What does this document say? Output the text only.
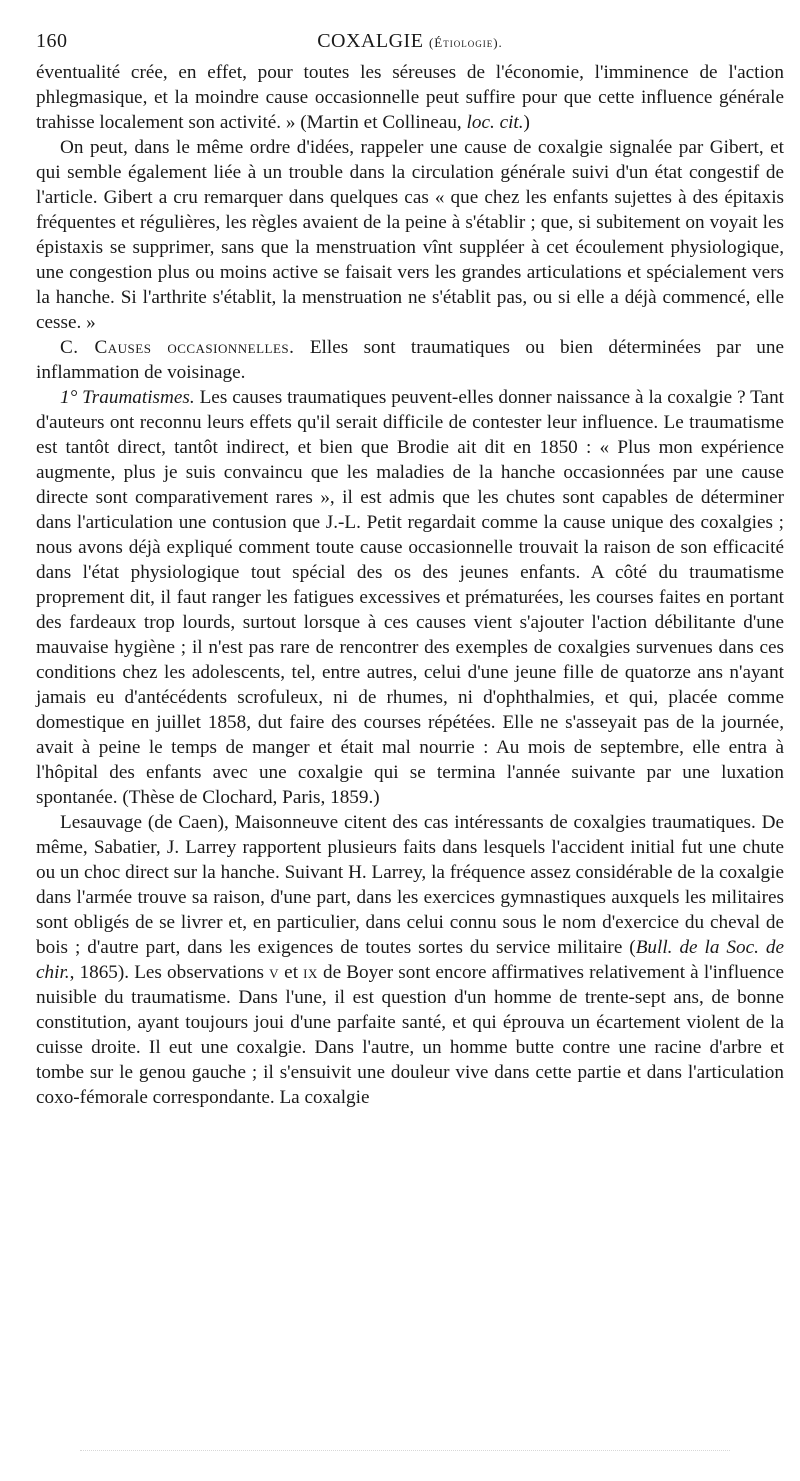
160	COXALGIE (Étiologie).

éventualité crée, en effet, pour toutes les séreuses de l'économie, l'imminence de l'action phlegmasique, et la moindre cause occasionnelle peut suffire pour que cette influence générale trahisse localement son activité. » (Martin et Collineau, loc. cit.)

On peut, dans le même ordre d'idées, rappeler une cause de coxalgie signalée par Gibert, et qui semble également liée à un trouble dans la circulation générale suivi d'un état congestif de l'article. Gibert a cru remarquer dans quelques cas « que chez les enfants sujettes à des épitaxis fréquentes et régulières, les règles avaient de la peine à s'établir ; que, si subitement on voyait les épistaxis se supprimer, sans que la menstruation vînt suppléer à cet écoulement physiologique, une congestion plus ou moins active se faisait vers les grandes articulations et spécialement vers la hanche. Si l'arthrite s'établit, la menstruation ne s'établit pas, ou si elle a déjà commencé, elle cesse. »

C. Causes occasionnelles. Elles sont traumatiques ou bien déterminées par une inflammation de voisinage.

1° Traumatismes. Les causes traumatiques peuvent-elles donner naissance à la coxalgie ? Tant d'auteurs ont reconnu leurs effets qu'il serait difficile de contester leur influence. Le traumatisme est tantôt direct, tantôt indirect, et bien que Brodie ait dit en 1850 : « Plus mon expérience augmente, plus je suis convaincu que les maladies de la hanche occasionnées par une cause directe sont comparativement rares », il est admis que les chutes sont capables de déterminer dans l'articulation une contusion que J.-L. Petit regardait comme la cause unique des coxalgies ; nous avons déjà expliqué comment toute cause occasionnelle trouvait la raison de son efficacité dans l'état physiologique tout spécial des os des jeunes enfants. A côté du traumatisme proprement dit, il faut ranger les fatigues excessives et prématurées, les courses faites en portant des fardeaux trop lourds, surtout lorsque à ces causes vient s'ajouter l'action débilitante d'une mauvaise hygiène ; il n'est pas rare de rencontrer des exemples de coxalgies survenues dans ces conditions chez les adolescents, tel, entre autres, celui d'une jeune fille de quatorze ans n'ayant jamais eu d'antécédents scrofuleux, ni de rhumes, ni d'ophthalmies, et qui, placée comme domestique en juillet 1858, dut faire des courses répétées. Elle ne s'asseyait pas de la journée, avait à peine le temps de manger et était mal nourrie : Au mois de septembre, elle entra à l'hôpital des enfants avec une coxalgie qui se termina l'année suivante par une luxation spontanée. (Thèse de Clochard, Paris, 1859.)

Lesauvage (de Caen), Maisonneuve citent des cas intéressants de coxalgies traumatiques. De même, Sabatier, J. Larrey rapportent plusieurs faits dans lesquels l'accident initial fut une chute ou un choc direct sur la hanche. Suivant H. Larrey, la fréquence assez considérable de la coxalgie dans l'armée trouve sa raison, d'une part, dans les exercices gymnastiques auxquels les militaires sont obligés de se livrer et, en particulier, dans celui connu sous le nom d'exercice du cheval de bois ; d'autre part, dans les exigences de toutes sortes du service militaire (Bull. de la Soc. de chir., 1865). Les observations v et ix de Boyer sont encore affirmatives relativement à l'influence nuisible du traumatisme. Dans l'une, il est question d'un homme de trente-sept ans, de bonne constitution, ayant toujours joui d'une parfaite santé, et qui éprouva un écartement violent de la cuisse droite. Il eut une coxalgie. Dans l'autre, un homme butte contre une racine d'arbre et tombe sur le genou gauche ; il s'ensuivit une douleur vive dans cette partie et dans l'articulation coxo-fémorale correspondante. La coxalgie
